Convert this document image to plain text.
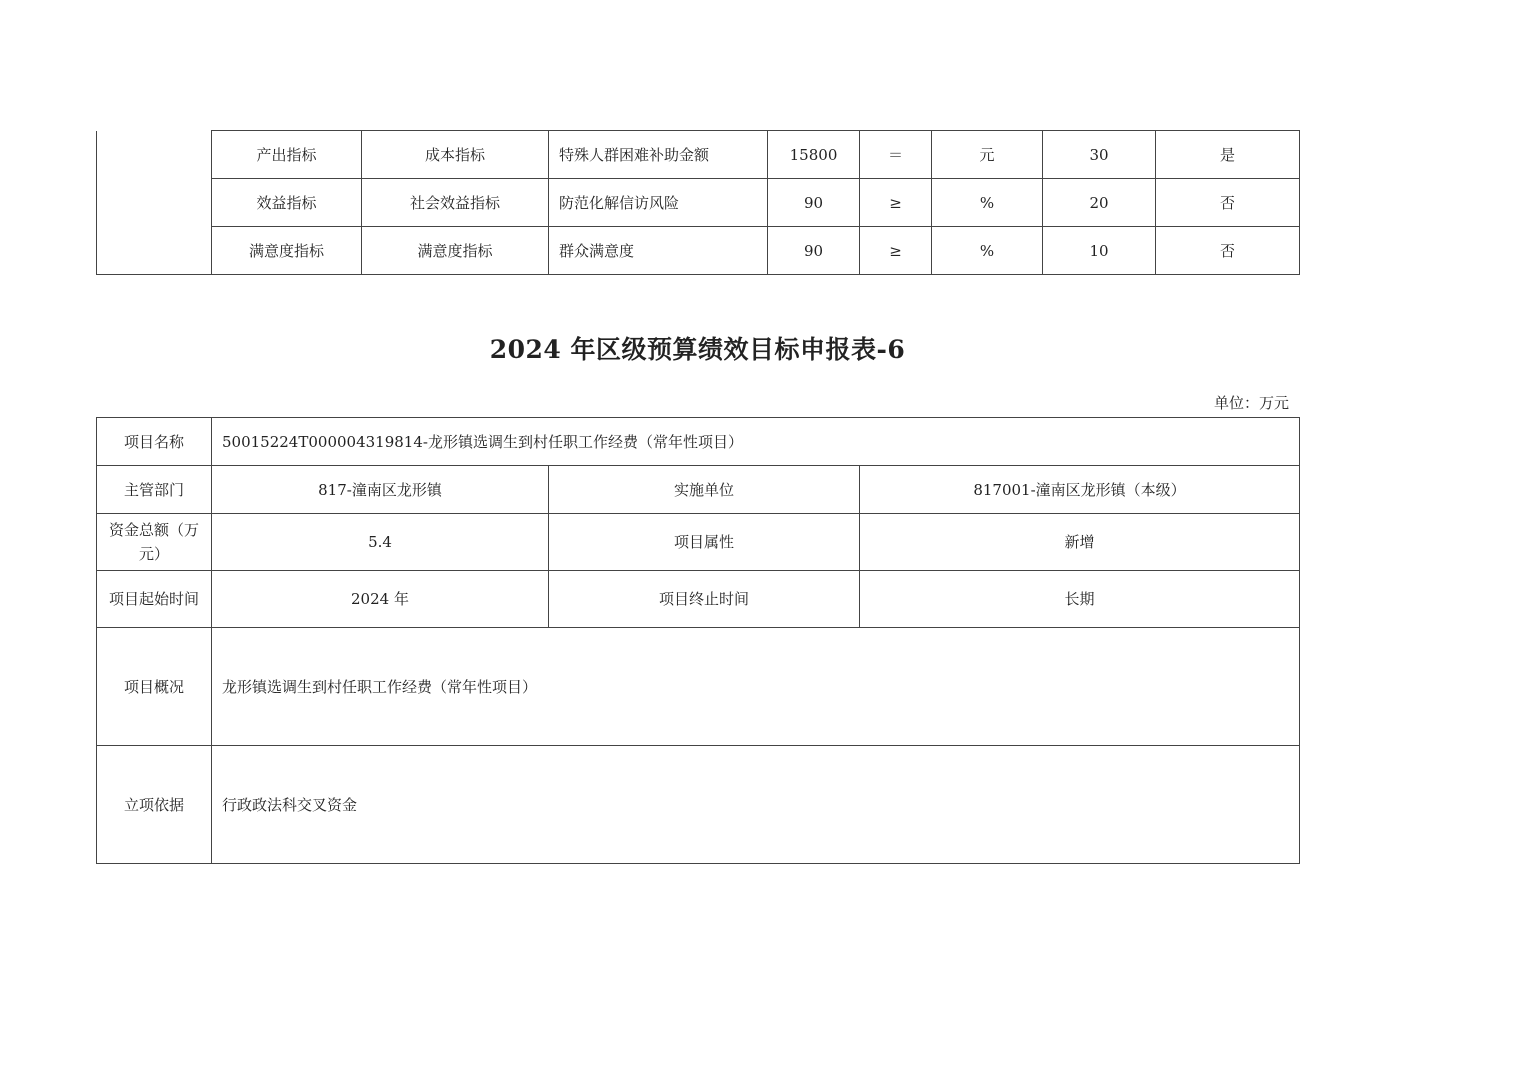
	产出指标	成本指标	特殊人群困难补助金额	15800	＝	元	30	是
	效益指标	社会效益指标	防范化解信访风险	90	≥	%	20	否
	满意度指标	满意度指标	群众满意度	90	≥	%	10	否
2024 年区级预算绩效目标申报表-6
单位：万元
项目名称	50015224T000004319814-龙形镇选调生到村任职工作经费（常年性项目）		
主管部门	817-潼南区龙形镇	实施单位	817001-潼南区龙形镇（本级）
资金总额（万元）	5.4	项目属性	新增
项目起始时间	2024 年	项目终止时间	长期
项目概况	龙形镇选调生到村任职工作经费（常年性项目）		
立项依据	行政政法科交叉资金		
